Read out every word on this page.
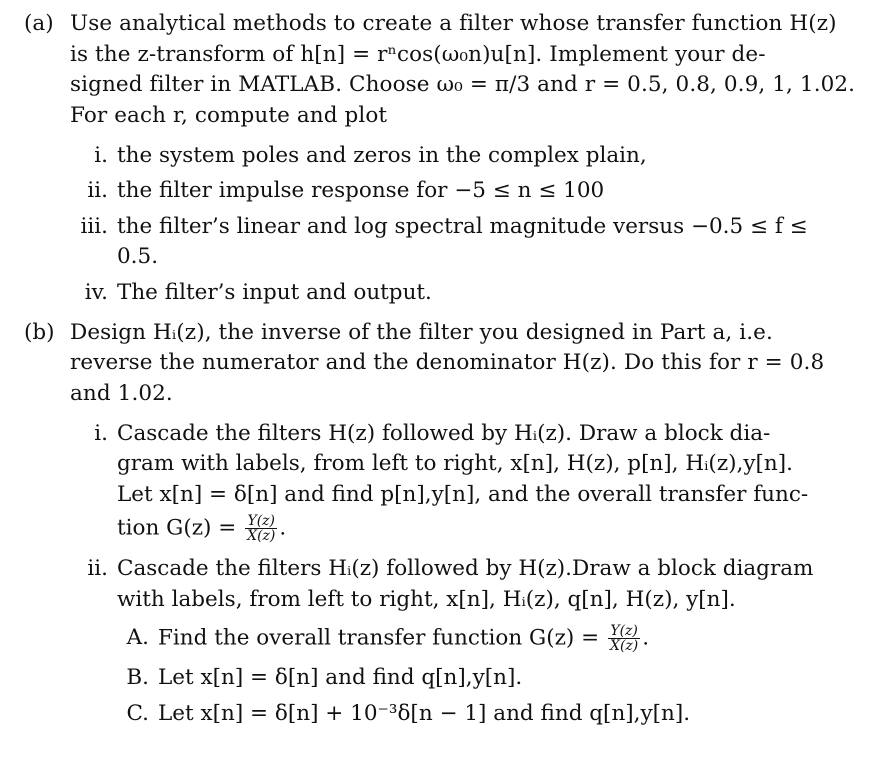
(a) Use analytical methods to create a filter whose transfer function H(z)
is the z-transform of h[n] = rⁿcos(ω₀n)u[n]. Implement your de-
signed filter in MATLAB. Choose ω₀ = π/3 and r = 0.5, 0.8, 0.9, 1, 1.02.
For each r, compute and plot
i. the system poles and zeros in the complex plain,
ii. the filter impulse response for −5 ≤ n ≤ 100
iii. the filter’s linear and log spectral magnitude versus −0.5 ≤ f ≤
0.5.
iv. The filter’s input and output.
(b) Design Hᵢ(z), the inverse of the filter you designed in Part a, i.e.
reverse the numerator and the denominator H(z). Do this for r = 0.8
and 1.02.
i. Cascade the filters H(z) followed by Hᵢ(z). Draw a block dia-
gram with labels, from left to right, x[n], H(z), p[n], Hᵢ(z),y[n].
Let x[n] = δ[n] and find p[n],y[n], and the overall transfer func-
tion $G(z) = \frac{Y(z)}{X(z)}$ .
ii. Cascade the filters Hᵢ(z) followed by H(z).Draw a block diagram
with labels, from left to right, x[n], Hᵢ(z), q[n], H(z), y[n].
A. Find the overall transfer function $G(z) = \frac{Y(z)}{X(z)}$ .
B. Let x[n] = δ[n] and find q[n],y[n].
C. Let x[n] = δ[n] + 10⁻³δ[n − 1] and find q[n],y[n].
